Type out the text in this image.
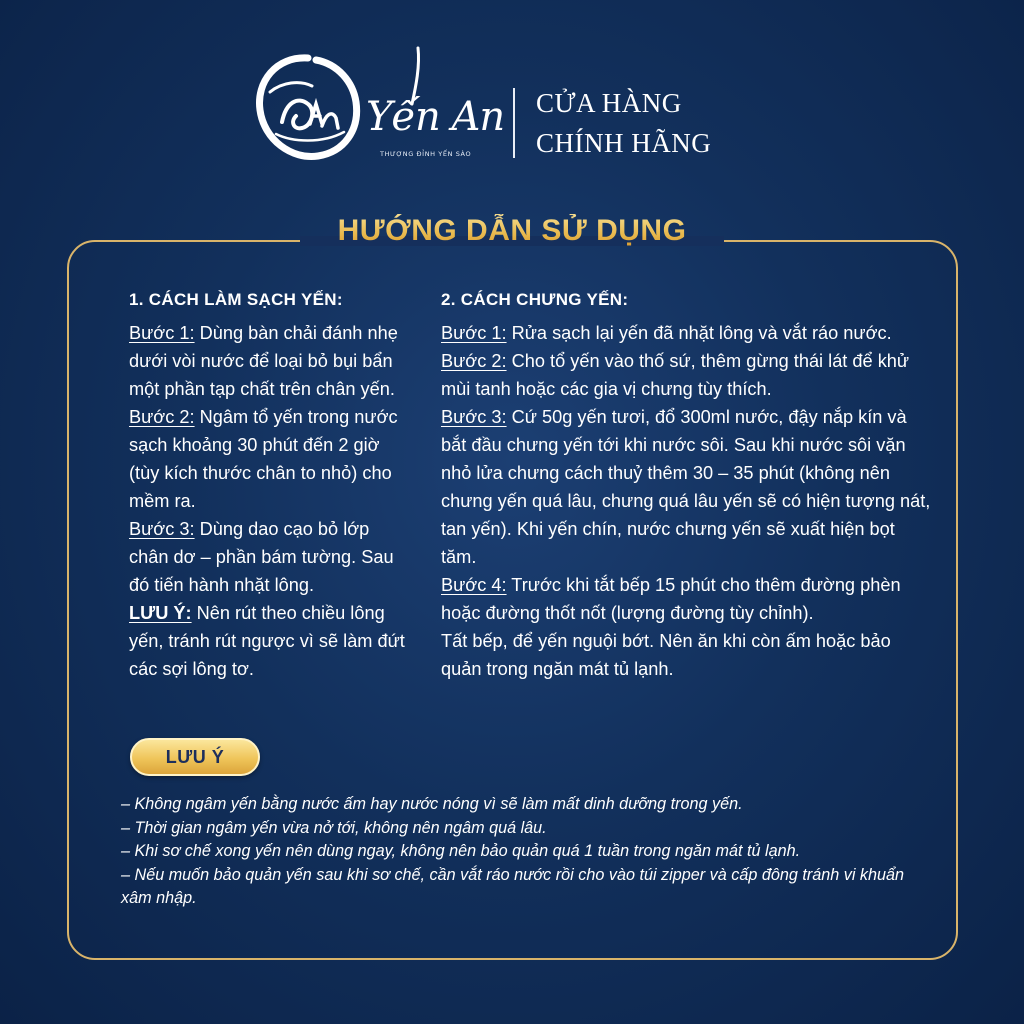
Yến An
THƯỢNG ĐỈNH YẾN SÀO
CỬA HÀNG
CHÍNH HÃNG
HƯỚNG DẪN SỬ DỤNG
1. CÁCH LÀM SẠCH YẾN:

Bước 1: Dùng bàn chải đánh nhẹ dưới vòi nước để loại bỏ bụi bẩn một phần tạp chất trên chân yến.

Bước 2: Ngâm tổ yến trong nước sạch khoảng 30 phút đến 2 giờ (tùy kích thước chân to nhỏ) cho mềm ra.

Bước 3: Dùng dao cạo bỏ lớp chân dơ – phần bám tường. Sau đó tiến hành nhặt lông.

LƯU Ý: Nên rút theo chiều lông yến, tránh rút ngược vì sẽ làm đứt các sợi lông tơ.

2. CÁCH CHƯNG YẾN:

Bước 1: Rửa sạch lại yến đã nhặt lông và vắt ráo nước.

Bước 2: Cho tổ yến vào thố sứ, thêm gừng thái lát để khử mùi tanh hoặc các gia vị chưng tùy thích.

Bước 3: Cứ 50g yến tươi, đổ 300ml nước, đậy nắp kín và bắt đầu chưng yến tới khi nước sôi. Sau khi nước sôi vặn nhỏ lửa chưng cách thuỷ thêm 30 – 35 phút (không nên chưng yến quá lâu, chưng quá lâu yến sẽ có hiện tượng nát, tan yến). Khi yến chín, nước chưng yến sẽ xuất hiện bọt tăm.

Bước 4: Trước khi tắt bếp 15 phút cho thêm đường phèn hoặc đường thốt nốt (lượng đường tùy chỉnh).

Tất bếp, để yến nguội bớt. Nên ăn khi còn ấm hoặc bảo quản trong ngăn mát tủ lạnh.

LƯU Ý

– Không ngâm yến bằng nước ấm hay nước nóng vì sẽ làm mất dinh dưỡng trong yến.

– Thời gian ngâm yến vừa nở tới, không nên ngâm quá lâu.

– Khi sơ chế xong yến nên dùng ngay, không nên bảo quản quá 1 tuần trong ngăn mát tủ lạnh.

– Nếu muốn bảo quản yến sau khi sơ chế, cần vắt ráo nước rồi cho vào túi zipper và cấp đông tránh vi khuẩn xâm nhập.
